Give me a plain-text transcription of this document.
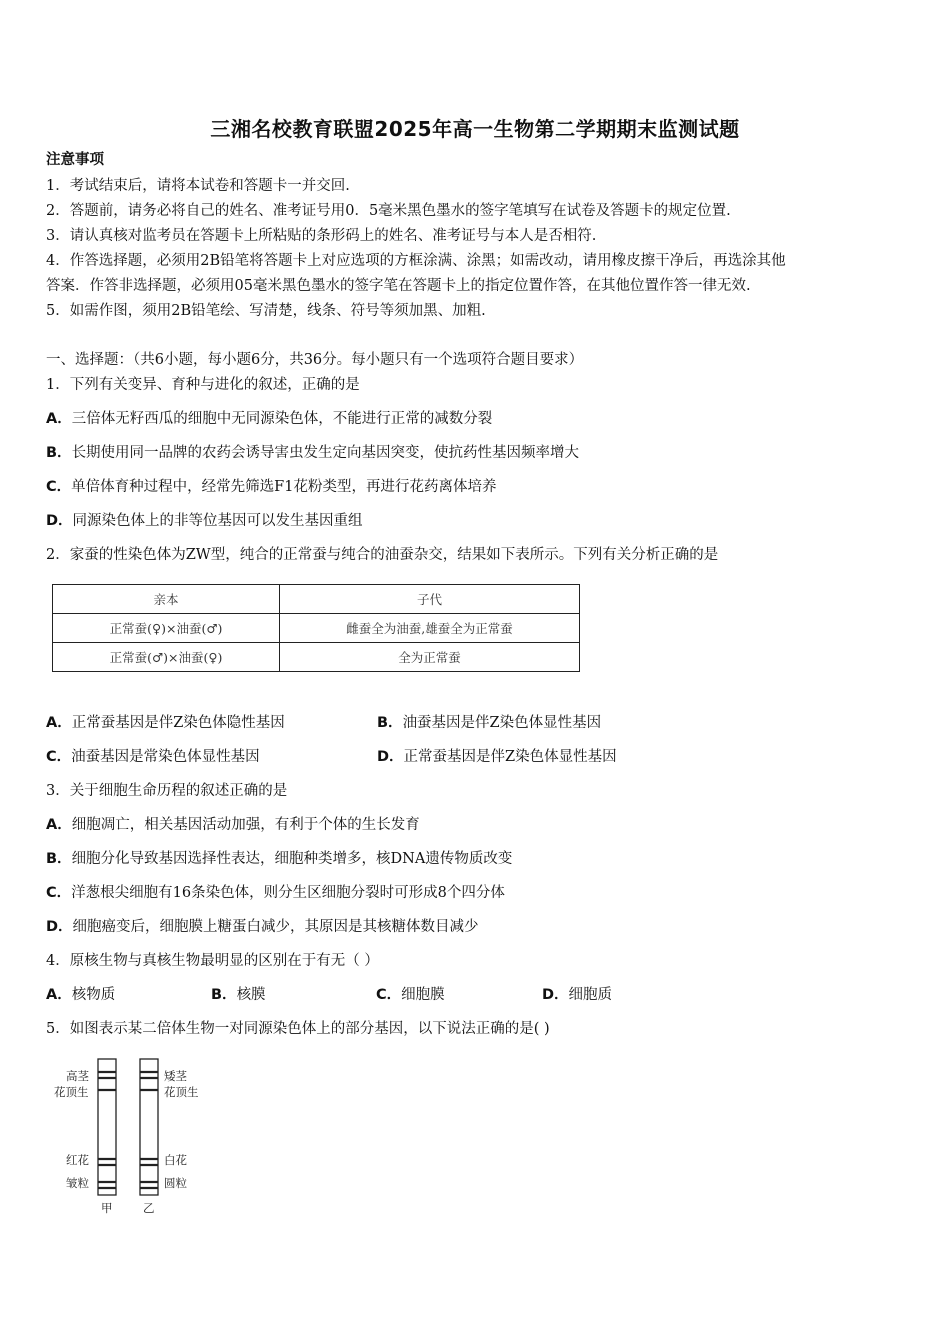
三湘名校教育联盟2025年高一生物第二学期期末监测试题
注意事项
1．考试结束后，请将本试卷和答题卡一并交回.
2．答题前，请务必将自己的姓名、准考证号用0．5毫米黑色墨水的签字笔填写在试卷及答题卡的规定位置.
3．请认真核对监考员在答题卡上所粘贴的条形码上的姓名、准考证号与本人是否相符.
4．作答选择题，必须用2B铅笔将答题卡上对应选项的方框涂满、涂黑；如需改动，请用橡皮擦干净后，再选涂其他
答案．作答非选择题，必须用05毫米黑色墨水的签字笔在答题卡上的指定位置作答，在其他位置作答一律无效.
5．如需作图，须用2B铅笔绘、写清楚，线条、符号等须加黑、加粗.
一、选择题：（共6小题，每小题6分，共36分。每小题只有一个选项符合题目要求）
1．下列有关变异、育种与进化的叙述，正确的是
A．三倍体无籽西瓜的细胞中无同源染色体，不能进行正常的减数分裂
B．长期使用同一品牌的农药会诱导害虫发生定向基因突变，使抗药性基因频率增大
C．单倍体育种过程中，经常先筛选F1花粉类型，再进行花药离体培养
D．同源染色体上的非等位基因可以发生基因重组
2．家蚕的性染色体为ZW型，纯合的正常蚕与纯合的油蚕杂交，结果如下表所示。下列有关分析正确的是
亲本	子代
正常蚕(♀)×油蚕(♂)	雌蚕全为油蚕,雄蚕全为正常蚕
正常蚕(♂)×油蚕(♀)	全为正常蚕
A．正常蚕基因是伴Z染色体隐性基因	B．油蚕基因是伴Z染色体显性基因
C．油蚕基因是常染色体显性基因	D．正常蚕基因是伴Z染色体显性基因
3．关于细胞生命历程的叙述正确的是
A．细胞凋亡，相关基因活动加强，有利于个体的生长发育
B．细胞分化导致基因选择性表达，细胞种类增多，核DNA遗传物质改变
C．洋葱根尖细胞有16条染色体，则分生区细胞分裂时可形成8个四分体
D．细胞癌变后，细胞膜上糖蛋白减少，其原因是其核糖体数目减少
4．原核生物与真核生物最明显的区别在于有无（ ）
A．核物质	B．核膜	C．细胞膜	D．细胞质
5．如图表示某二倍体生物一对同源染色体上的部分基因，以下说法正确的是( )
高茎
花顶生
红花
皱粒
甲
矮茎
花顶生
白花
圆粒
乙
